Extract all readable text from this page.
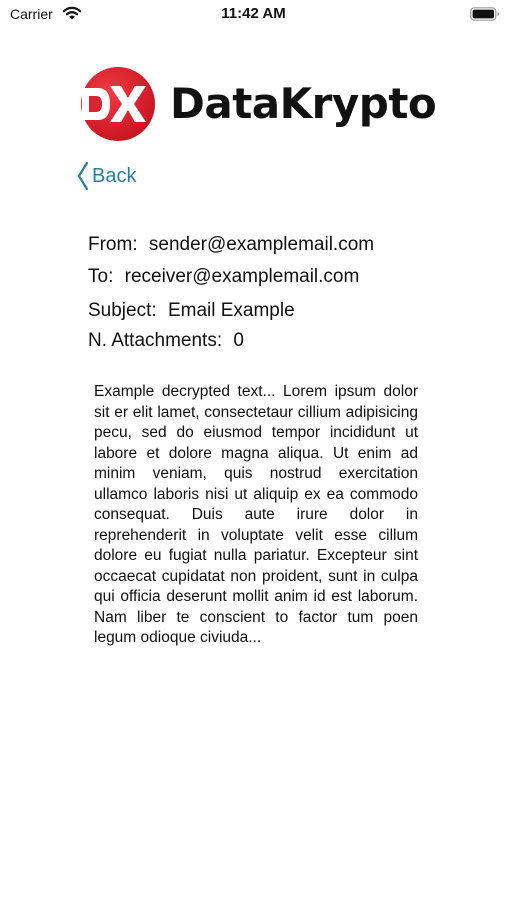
Carrier	11:42 AM
DataKrypto
Back
From: sender@examplemail.com
To: receiver@examplemail.com
Subject: Email Example
N. Attachments: 0
Example decrypted text... Lorem ipsum dolor sit er elit lamet, consectetaur cillium adipisicing pecu, sed do eiusmod tempor incididunt ut labore et dolore magna aliqua. Ut enim ad minim veniam, quis nostrud exercitation ullamco laboris nisi ut aliquip ex ea commodo consequat. Duis aute irure dolor in reprehenderit in voluptate velit esse cillum dolore eu fugiat nulla pariatur. Excepteur sint occaecat cupidatat non proident, sunt in culpa qui officia deserunt mollit anim id est laborum. Nam liber te conscient to factor tum poen legum odioque civiuda...
